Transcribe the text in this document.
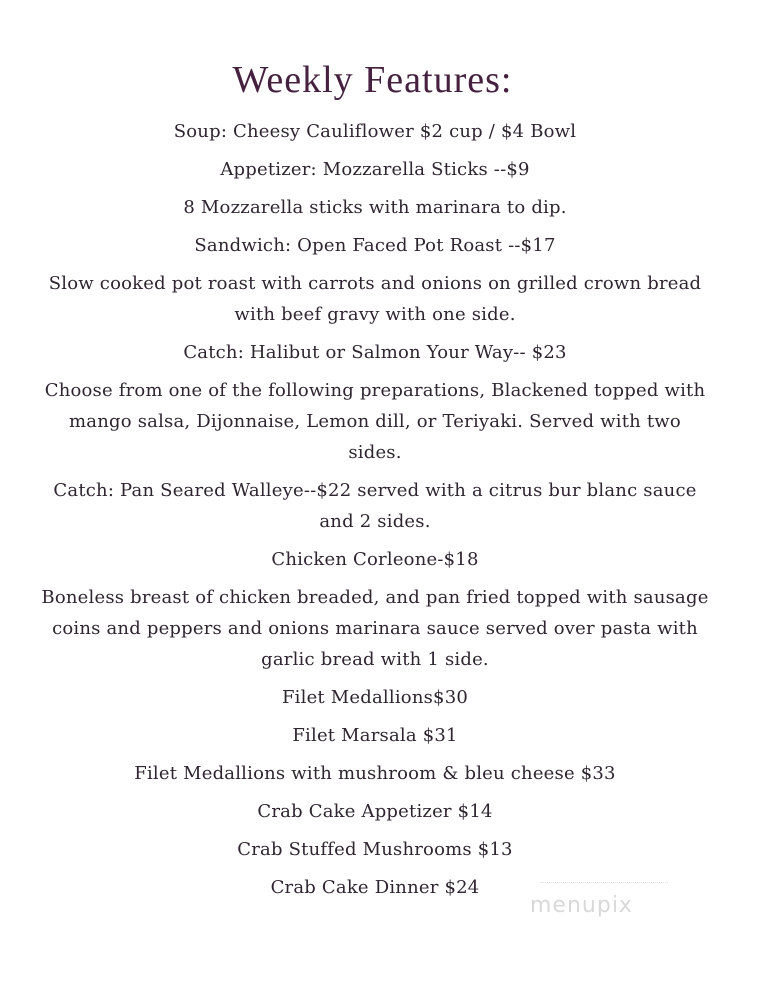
Weekly Features:

Soup: Cheesy Cauliflower $2 cup / $4 Bowl

Appetizer: Mozzarella Sticks --$9

8 Mozzarella sticks with marinara to dip.

Sandwich: Open Faced Pot Roast --$17

Slow cooked pot roast with carrots and onions on grilled crown bread with beef gravy with one side.

Catch: Halibut or Salmon Your Way-- $23

Choose from one of the following preparations, Blackened topped with mango salsa, Dijonnaise, Lemon dill, or Teriyaki. Served with two sides.

Catch: Pan Seared Walleye--$22 served with a citrus bur blanc sauce and 2 sides.

Chicken Corleone-$18

Boneless breast of chicken breaded, and pan fried topped with sausage coins and peppers and onions marinara sauce served over pasta with garlic bread with 1 side.

Filet Medallions$30

Filet Marsala $31

Filet Medallions with mushroom & bleu cheese $33

Crab Cake Appetizer $14

Crab Stuffed Mushrooms $13

Crab Cake Dinner $24

menupix
